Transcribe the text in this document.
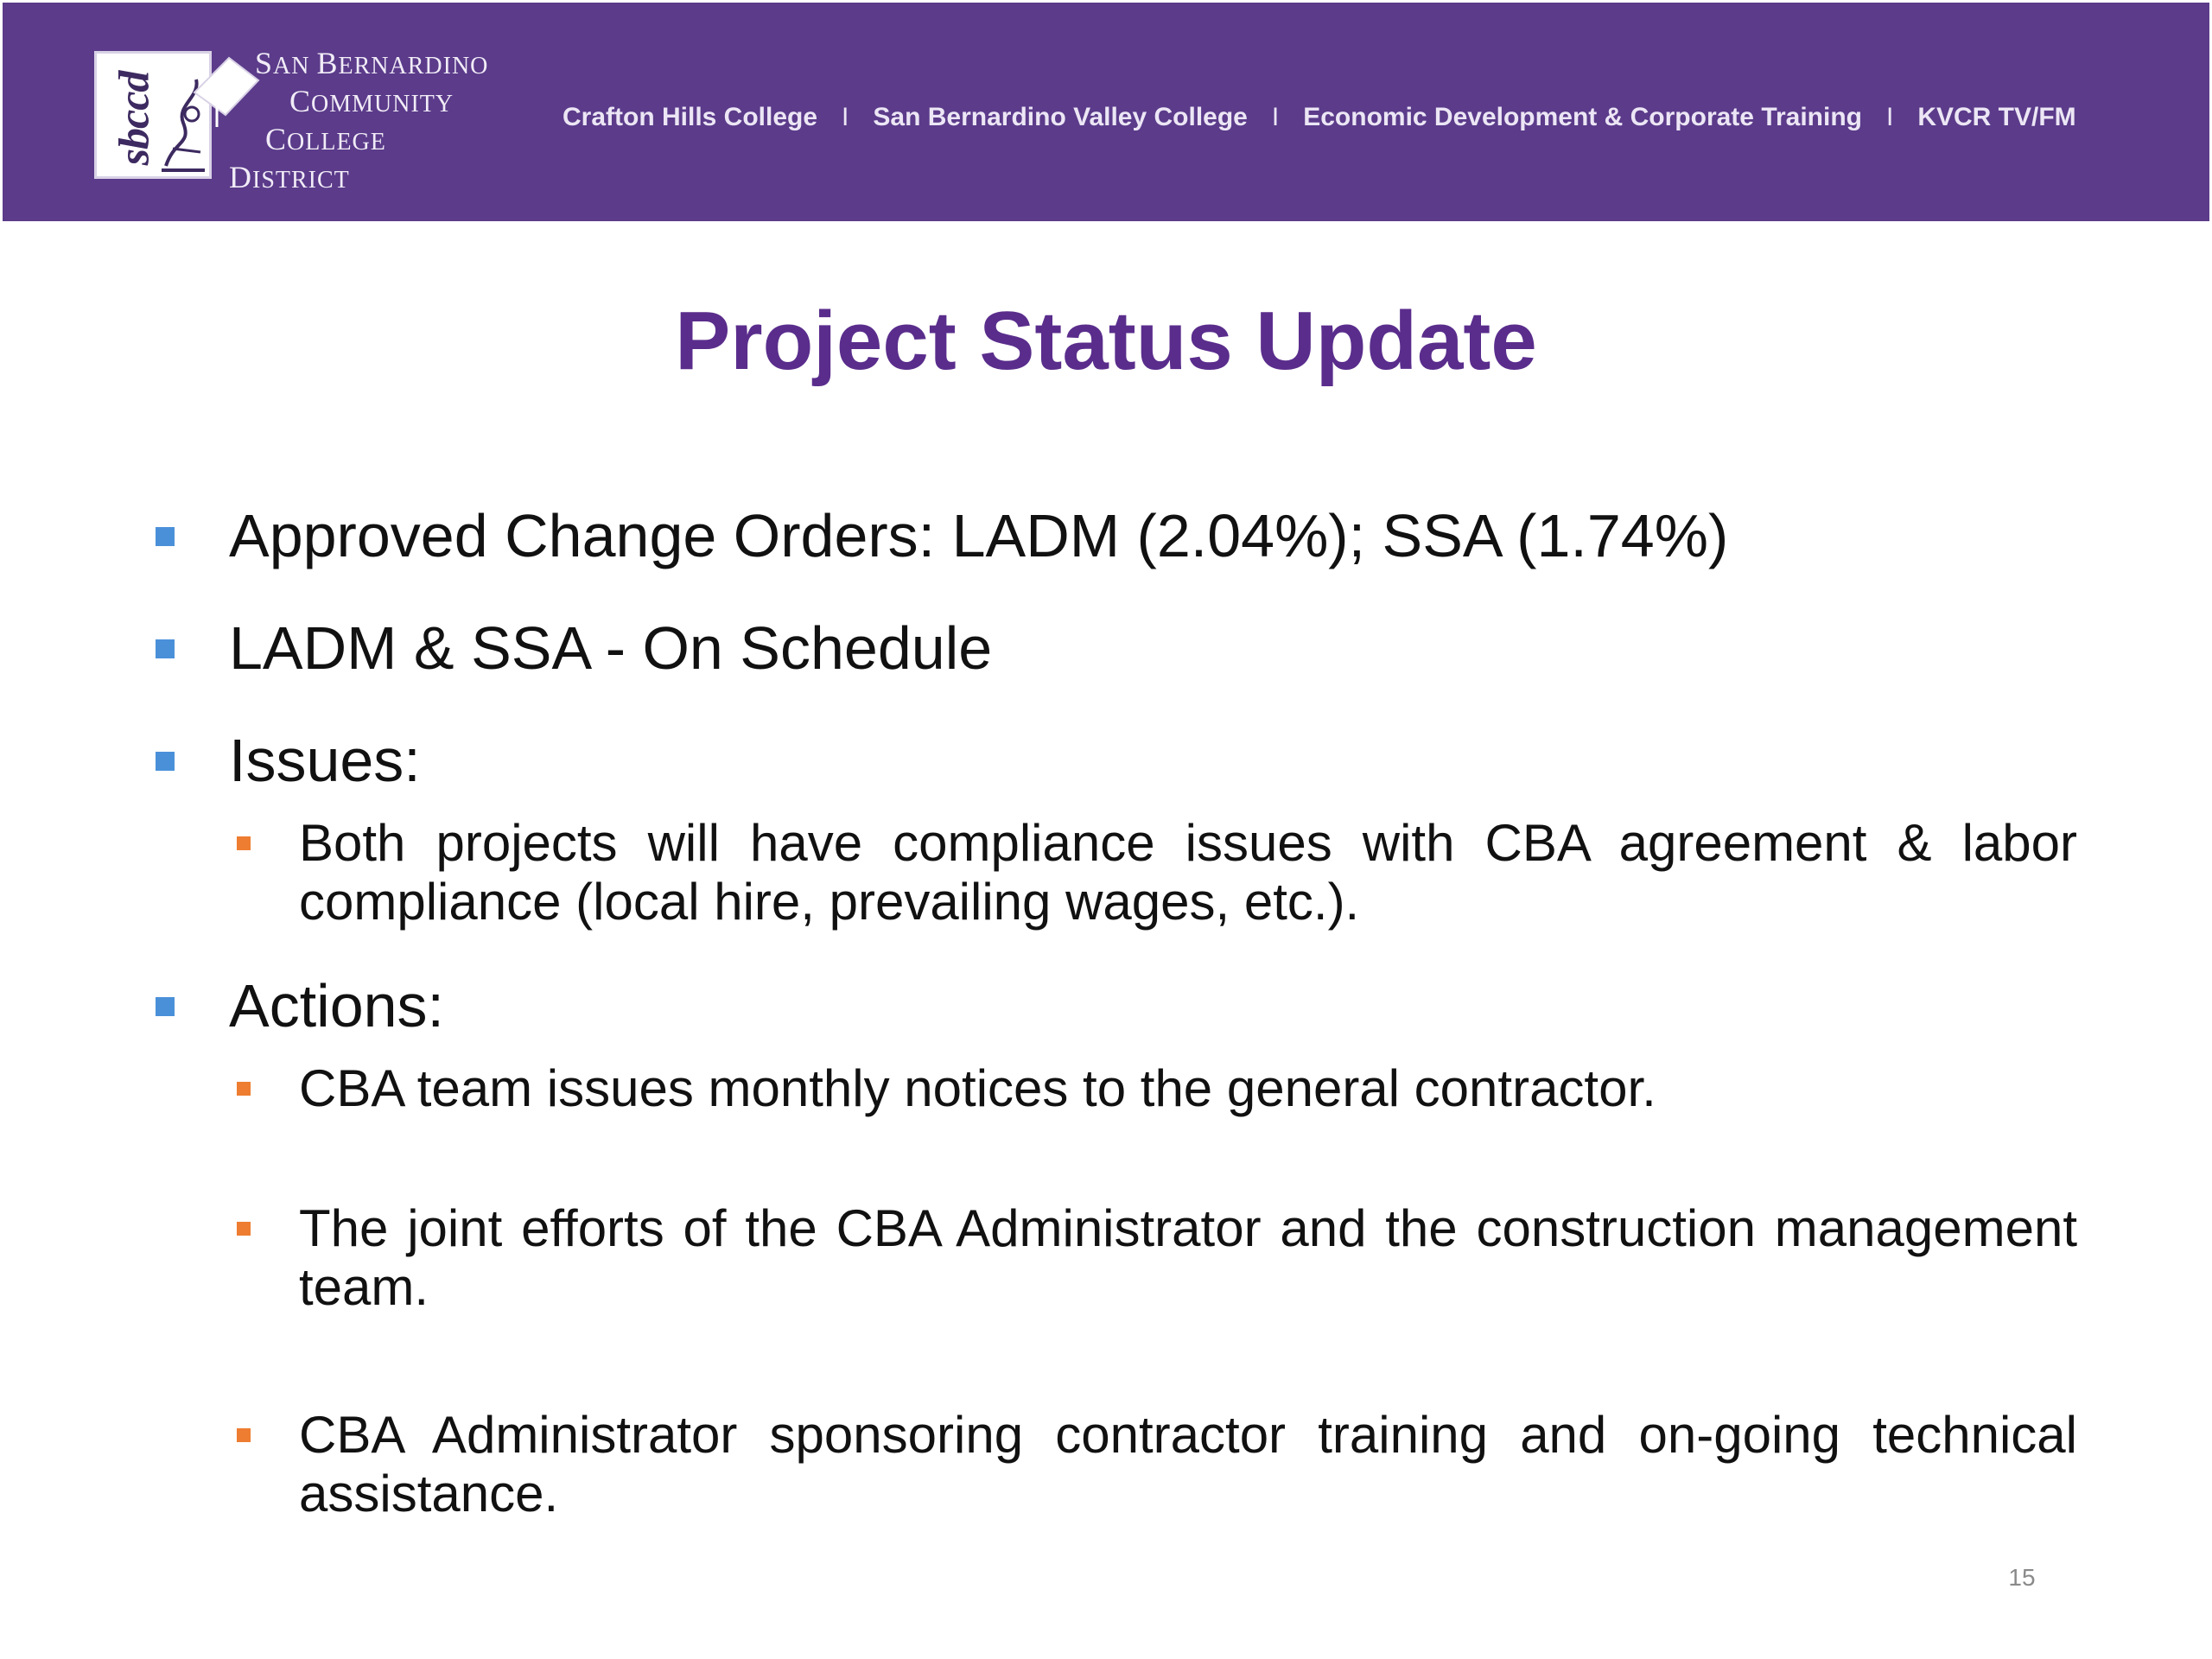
sbccd
SAN BERNARDINO
COMMUNITY
COLLEGE
DISTRICT
Crafton Hills College I San Bernardino Valley College I Economic Development & Corporate Training I KVCR TV/FM
Project Status Update
Approved Change Orders: LADM (2.04%); SSA (1.74%)
LADM & SSA - On Schedule
Issues:
Both projects will have compliance issues with CBA agreement & labor compliance (local hire, prevailing wages, etc.).
Actions:
CBA team issues monthly notices to the general contractor.
The joint efforts of the CBA Administrator and the construction management team.
CBA Administrator sponsoring contractor training and on-going technical assistance.
15
